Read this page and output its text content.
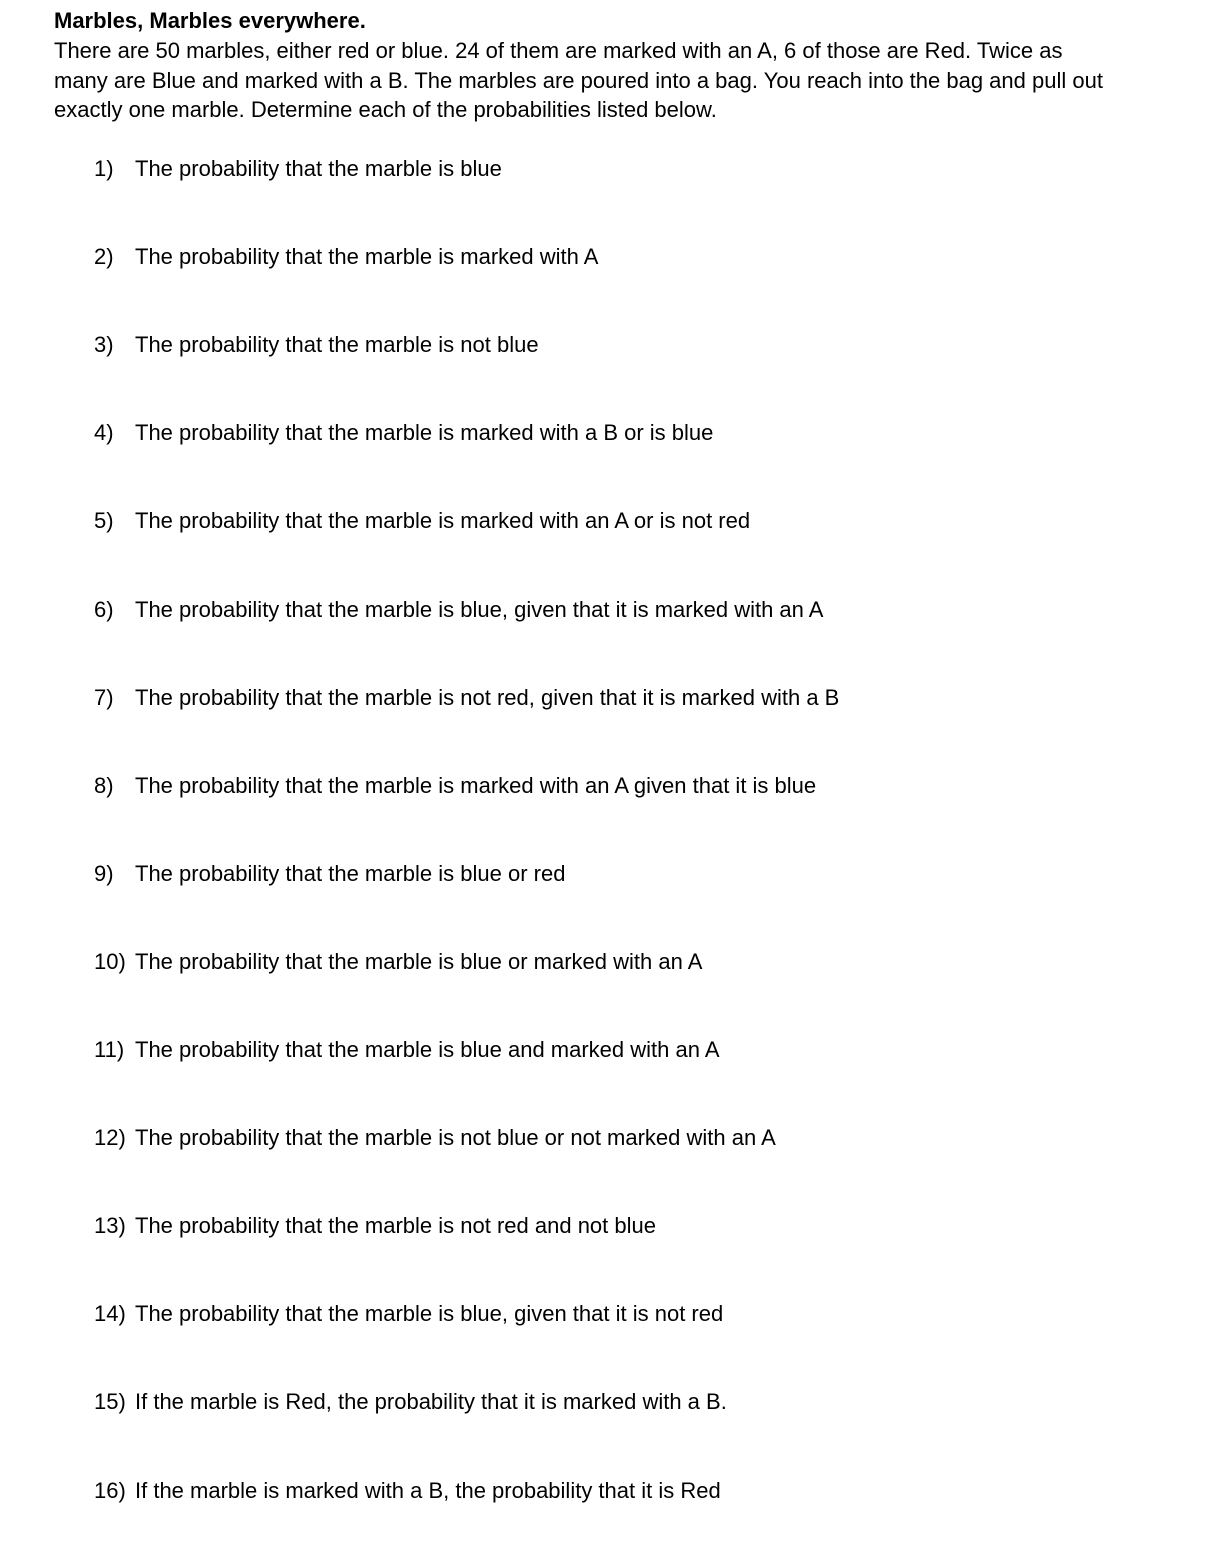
Marbles, Marbles everywhere.

There are 50 marbles, either red or blue. 24 of them are marked with an A, 6 of those are Red. Twice as many are Blue and marked with a B. The marbles are poured into a bag. You reach into the bag and pull out exactly one marble. Determine each of the probabilities listed below.

1) The probability that the marble is blue
2) The probability that the marble is marked with A
3) The probability that the marble is not blue
4) The probability that the marble is marked with a B or is blue
5) The probability that the marble is marked with an A or is not red
6) The probability that the marble is blue, given that it is marked with an A
7) The probability that the marble is not red, given that it is marked with a B
8) The probability that the marble is marked with an A given that it is blue
9) The probability that the marble is blue or red
10) The probability that the marble is blue or marked with an A
11) The probability that the marble is blue and marked with an A
12) The probability that the marble is not blue or not marked with an A
13) The probability that the marble is not red and not blue
14) The probability that the marble is blue, given that it is not red
15) If the marble is Red, the probability that it is marked with a B.
16) If the marble is marked with a B, the probability that it is Red
